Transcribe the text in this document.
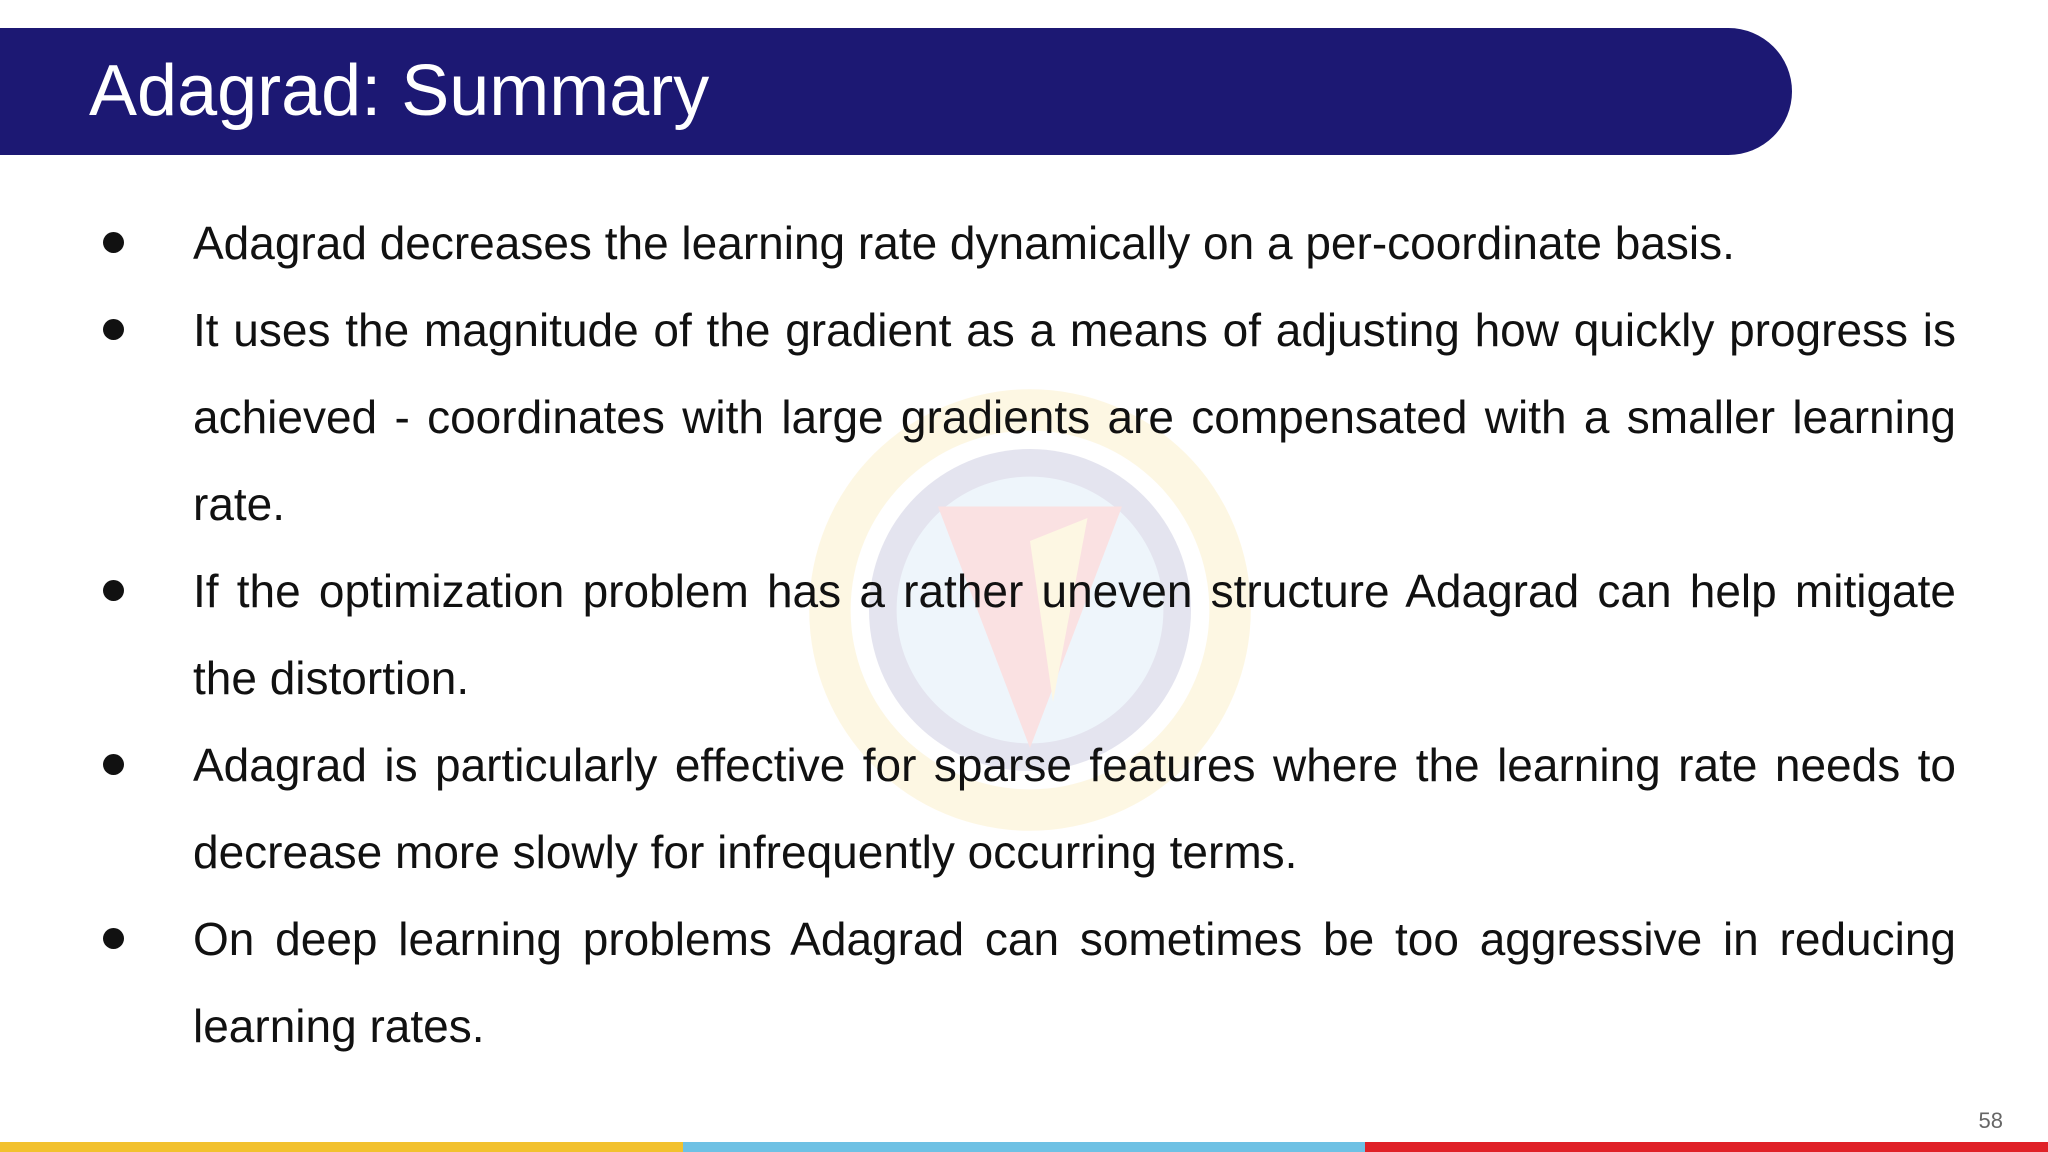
Adagrad: Summary
Adagrad decreases the learning rate dynamically on a per-coordinate basis.
It uses the magnitude of the gradient as a means of adjusting how quickly progress is achieved - coordinates with large gradients are compensated with a smaller learning rate.
If the optimization problem has a rather uneven structure Adagrad can help mitigate the distortion.
Adagrad is particularly effective for sparse features where the learning rate needs to decrease more slowly for infrequently occurring terms.
On deep learning problems Adagrad can sometimes be too aggressive in reducing learning rates.
58
